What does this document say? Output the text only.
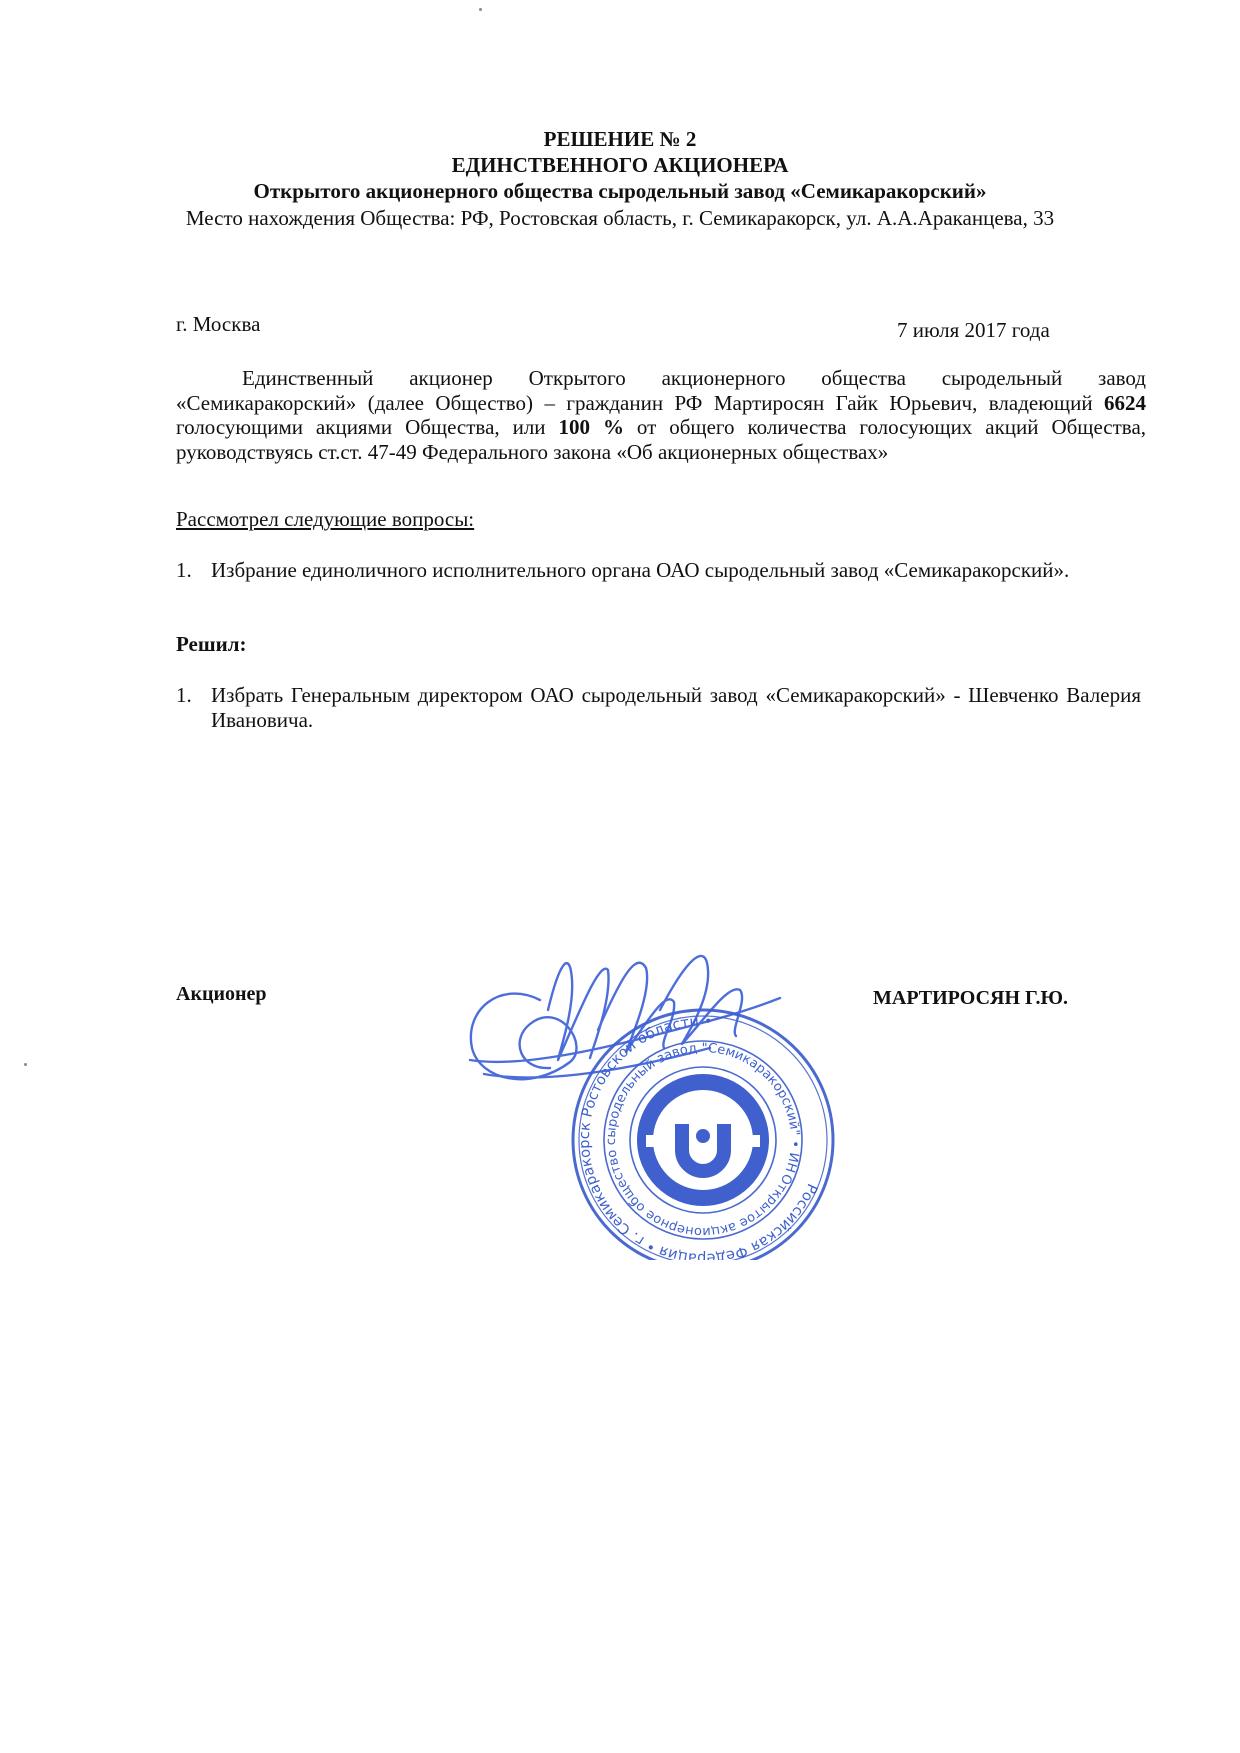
РЕШЕНИЕ № 2
ЕДИНСТВЕННОГО АКЦИОНЕРА
Открытого акционерного общества сыродельный завод «Семикаракорский»
Место нахождения Общества: РФ, Ростовская область, г. Семикаракорск, ул. А.А.Араканцева, 33
г. Москва	7 июля 2017 года
Единственный акционер Открытого акционерного общества сыродельный завод «Семикаракорский» (далее Общество) – гражданин РФ Мартиросян Гайк Юрьевич, владеющий 6624 голосующими акциями Общества, или 100 % от общего количества голосующих акций Общества, руководствуясь ст.ст. 47-49 Федерального закона «Об акционерных обществах»
Рассмотрел следующие вопросы:
1. Избрание единоличного исполнительного органа ОАО сыродельный завод «Семикаракорский».
Решил:
1. Избрать Генеральным директором ОАО сыродельный завод «Семикаракорский» - Шевченко Валерия Ивановича.
Акционер	МАРТИРОСЯН Г.Ю.
Российская Федерация • г. Семикаракорск Ростовской области •
Открытое акционерное общество сыродельный завод "Семикаракорский" • ИНН
